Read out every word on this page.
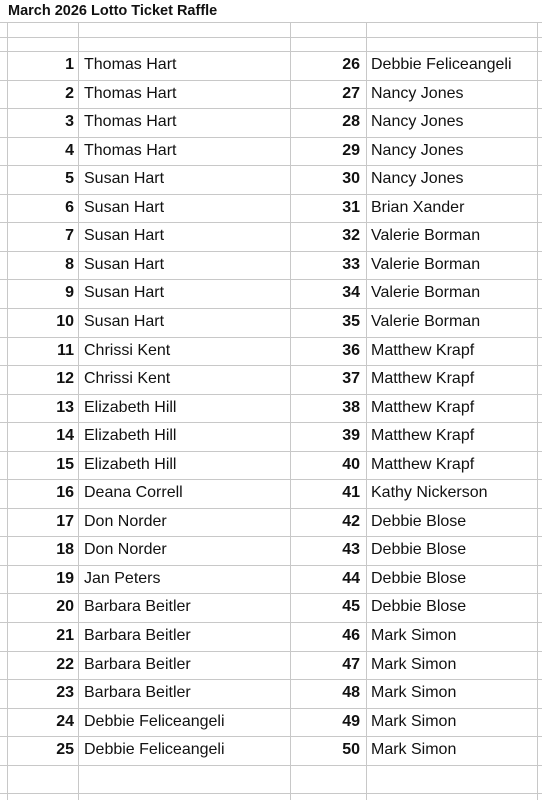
March 2026 Lotto Ticket Raffle
1 Thomas Hart	26 Debbie Feliceangeli
2 Thomas Hart	27 Nancy Jones
3 Thomas Hart	28 Nancy Jones
4 Thomas Hart	29 Nancy Jones
5 Susan Hart	30 Nancy Jones
6 Susan Hart	31 Brian Xander
7 Susan Hart	32 Valerie Borman
8 Susan Hart	33 Valerie Borman
9 Susan Hart	34 Valerie Borman
10 Susan Hart	35 Valerie Borman
11 Chrissi Kent	36 Matthew Krapf
12 Chrissi Kent	37 Matthew Krapf
13 Elizabeth Hill	38 Matthew Krapf
14 Elizabeth Hill	39 Matthew Krapf
15 Elizabeth Hill	40 Matthew Krapf
16 Deana Correll	41 Kathy Nickerson
17 Don Norder	42 Debbie Blose
18 Don Norder	43 Debbie Blose
19 Jan Peters	44 Debbie Blose
20 Barbara Beitler	45 Debbie Blose
21 Barbara Beitler	46 Mark Simon
22 Barbara Beitler	47 Mark Simon
23 Barbara Beitler	48 Mark Simon
24 Debbie Feliceangeli	49 Mark Simon
25 Debbie Feliceangeli	50 Mark Simon
